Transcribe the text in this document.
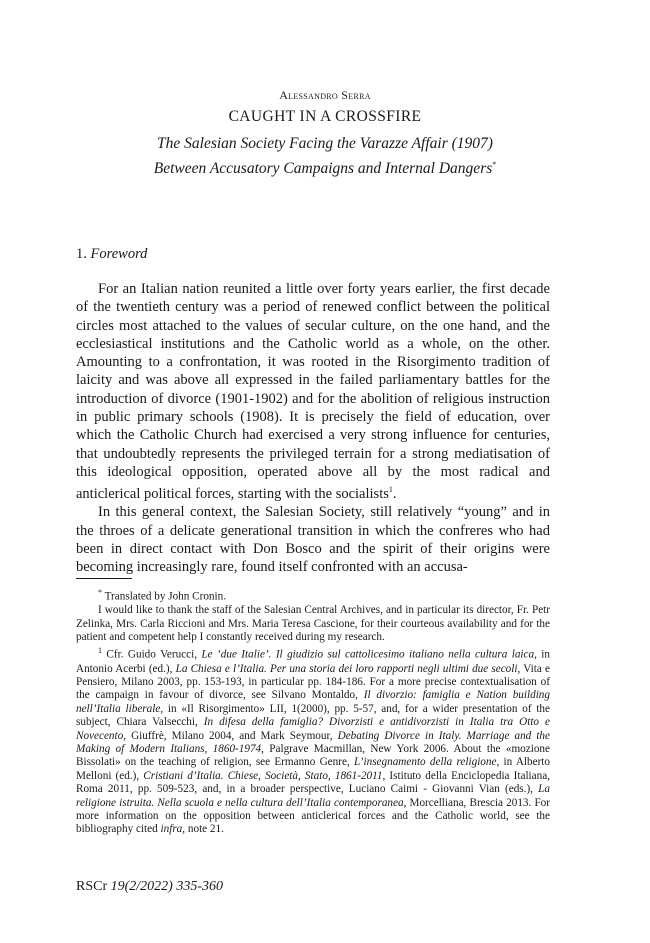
Alessandro Serra
CAUGHT IN A CROSSFIRE
The Salesian Society Facing the Varazze Affair (1907)
Between Accusatory Campaigns and Internal Dangers*
1. Foreword

For an Italian nation reunited a little over forty years earlier, the first decade of the twentieth century was a period of renewed conflict between the political circles most attached to the values of secular culture, on the one hand, and the ecclesiastical institutions and the Catholic world as a whole, on the other. Amounting to a confrontation, it was rooted in the Risorgimento tradition of laicity and was above all expressed in the failed parliamentary battles for the introduction of divorce (1901-1902) and for the abolition of religious instruction in public primary schools (1908). It is precisely the field of education, over which the Catholic Church had exercised a very strong influence for centuries, that undoubtedly represents the privileged terrain for a strong mediatisation of this ideological opposition, operated above all by the most radical and anticlerical political forces, starting with the socialists$^1$.

In this general context, the Salesian Society, still relatively “young” and in the throes of a delicate generational transition in which the confreres who had been in direct contact with Don Bosco and the spirit of their origins were becoming increasingly rare, found itself confronted with an accusa-

* Translated by John Cronin.

I would like to thank the staff of the Salesian Central Archives, and in particular its director, Fr. Petr Zelinka, Mrs. Carla Riccioni and Mrs. Maria Teresa Cascione, for their courteous availability and for the patient and competent help I constantly received during my research.

$^1$ Cfr. Guido Verucci, Le ‘due Italie’. Il giudizio sul cattolicesimo italiano nella cultura laica, in Antonio Acerbi (ed.), La Chiesa e l’Italia. Per una storia dei loro rapporti negli ultimi due secoli, Vita e Pensiero, Milano 2003, pp. 153-193, in particular pp. 184-186. For a more precise contextualisation of the campaign in favour of divorce, see Silvano Montaldo, Il divorzio: famiglia e Nation building nell’Italia liberale, in «Il Risorgimento» LII, 1(2000), pp. 5-57, and, for a wider presentation of the subject, Chiara Valsecchi, In difesa della famiglia? Divorzisti e antidivorzisti in Italia tra Otto e Novecento, Giuffrè, Milano 2004, and Mark Seymour, Debating Divorce in Italy. Marriage and the Making of Modern Italians, 1860-1974, Palgrave Macmillan, New York 2006. About the «mozione Bissolati» on the teaching of religion, see Ermanno Genre, L’insegnamento della religione, in Alberto Melloni (ed.), Cristiani d’Italia. Chiese, Società, Stato, 1861-2011, Istituto della Enciclopedia Italiana, Roma 2011, pp. 509-523, and, in a broader perspective, Luciano Caimi - Giovanni Vian (eds.), La religione istruita. Nella scuola e nella cultura dell’Italia contemporanea, Morcelliana, Brescia 2013. For more information on the opposition between anticlerical forces and the Catholic world, see the bibliography cited infra, note 21.

RSCr 19(2/2022) 335-360
